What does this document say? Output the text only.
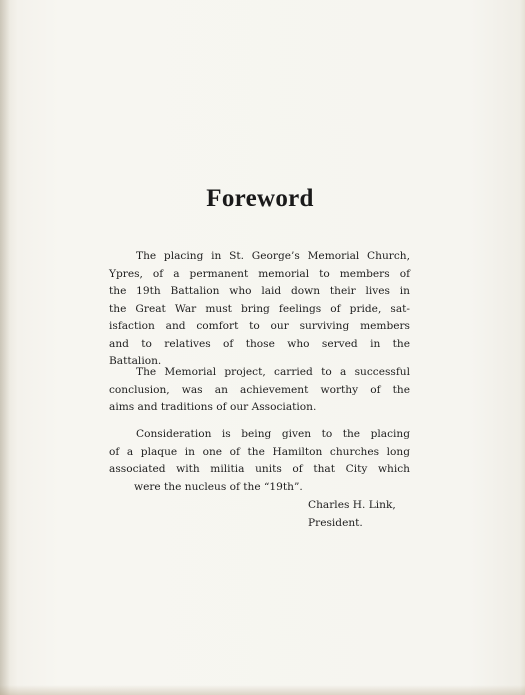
Foreword
The placing in St. George’s Memorial Church,
Ypres, of a permanent memorial to members of
the 19th Battalion who laid down their lives in
the Great War must bring feelings of pride, sat-
isfaction and comfort to our surviving members
and to relatives of those who served in the
Battalion.
The Memorial project, carried to a successful
conclusion, was an achievement worthy of the
aims and traditions of our Association.
Consideration is being given to the placing
of a plaque in one of the Hamilton churches long
associated with militia units of that City which
were the nucleus of the “19th”.
Charles H. Link,
President.
